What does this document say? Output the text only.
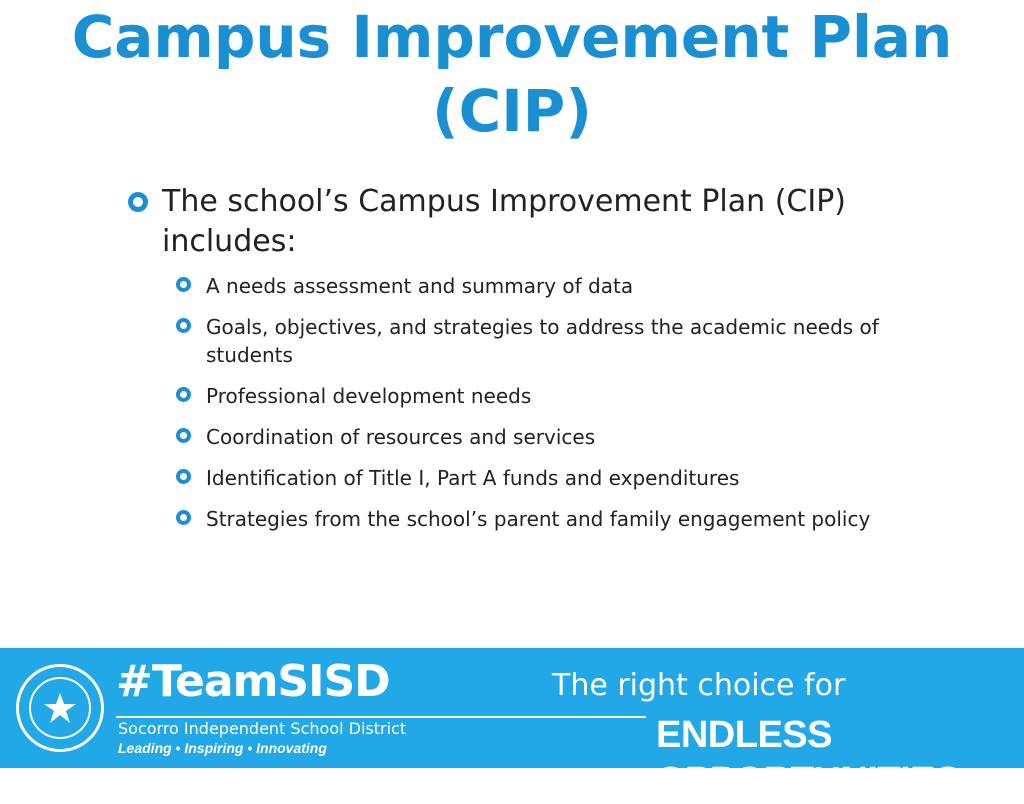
Campus Improvement Plan
(CIP)
The school’s Campus Improvement Plan (CIP) includes:
A needs assessment and summary of data
Goals, objectives, and strategies to address the academic needs of students
Professional development needs
Coordination of resources and services
Identification of Title I, Part A funds and expenditures
Strategies from the school’s parent and family engagement policy
#TeamSISD
Socorro Independent School District
Leading • Inspiring • Innovating
The right choice for
ENDLESS OPPORTUNITIES.
